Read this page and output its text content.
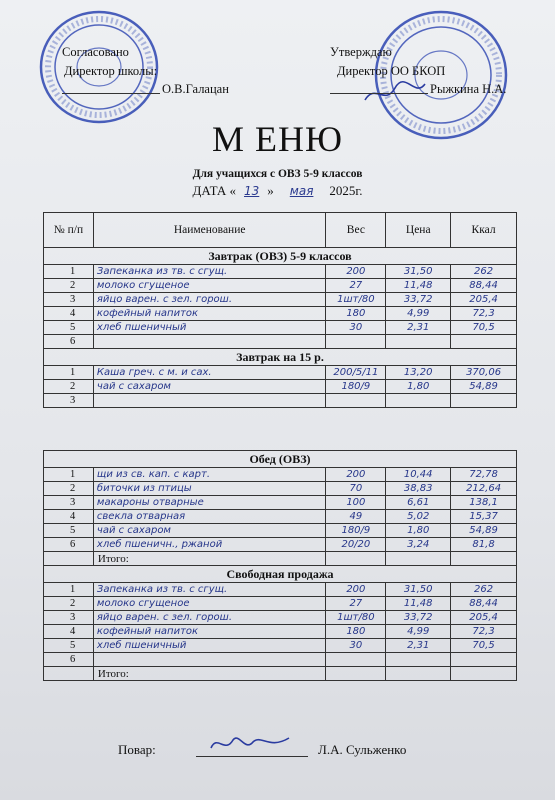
Согласовано
Директор школы:
О.В.Галацан
Утверждаю
Директор ОО БКОП
Рыжкина Н.А.
М ЕНЮ
Для учащихся с ОВЗ 5-9 классов
ДАТА « 13 » мая 2025г.
№ п/п	Наименование	Вес	Цена	Ккал
Завтрак (ОВЗ) 5-9 классов				
1	Запеканка из тв. с сгущ.	200	31,50	262
2	молоко сгущеное	27	11,48	88,44
3	яйцо варен. с зел. горош.	1шт/80	33,72	205,4
4	кофейный напиток	180	4,99	72,3
5	хлеб пшеничный	30	2,31	70,5
6				
Завтрак на 15 р.				
1	Каша греч. с м. и сах.	200/5/11	13,20	370,06
2	чай с сахаром	180/9	1,80	54,89
3				
Обед (ОВЗ)				
1	щи из св. кап. с карт.	200	10,44	72,78
2	биточки из птицы	70	38,83	212,64
3	макароны отварные	100	6,61	138,1
4	свекла отварная	49	5,02	15,37
5	чай с сахаром	180/9	1,80	54,89
6	хлеб пшеничн., ржаной	20/20	3,24	81,8
	Итого:			
Свободная продажа				
1	Запеканка из тв. с сгущ.	200	31,50	262
2	молоко сгущеное	27	11,48	88,44
3	яйцо варен. с зел. горош.	1шт/80	33,72	205,4
4	кофейный напиток	180	4,99	72,3
5	хлеб пшеничный	30	2,31	70,5
6				
	Итого:			
Повар:	Л.А. Сульженко
